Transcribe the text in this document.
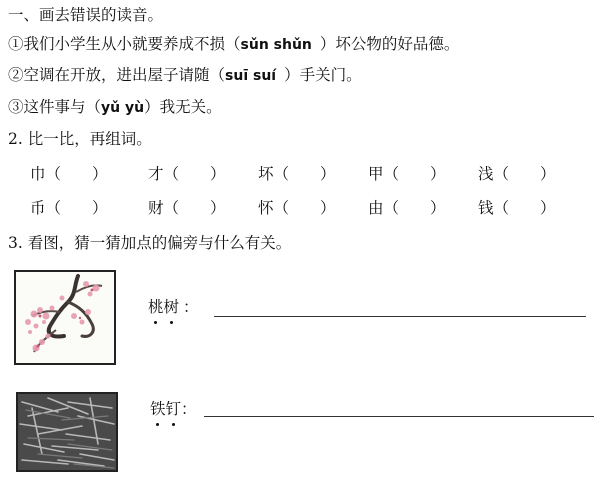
一、画去错误的读音。
①我们小学生从小就要养成不损（sǔn shǔn ）坏公物的好品德。
②空调在开放，进出屋子请随（suī suí ）手关门。
③这件事与（yǔ yù）我无关。
2. 比一比，再组词。
巾（　　）	才（　　） 坏（　　） 甲（　　） 浅（　　）
币（　　）	财（　　） 怀（　　） 由（　　） 钱（　　）
3. 看图，猜一猜加点的偏旁与什么有关。
桃树 ：
铁钉：
